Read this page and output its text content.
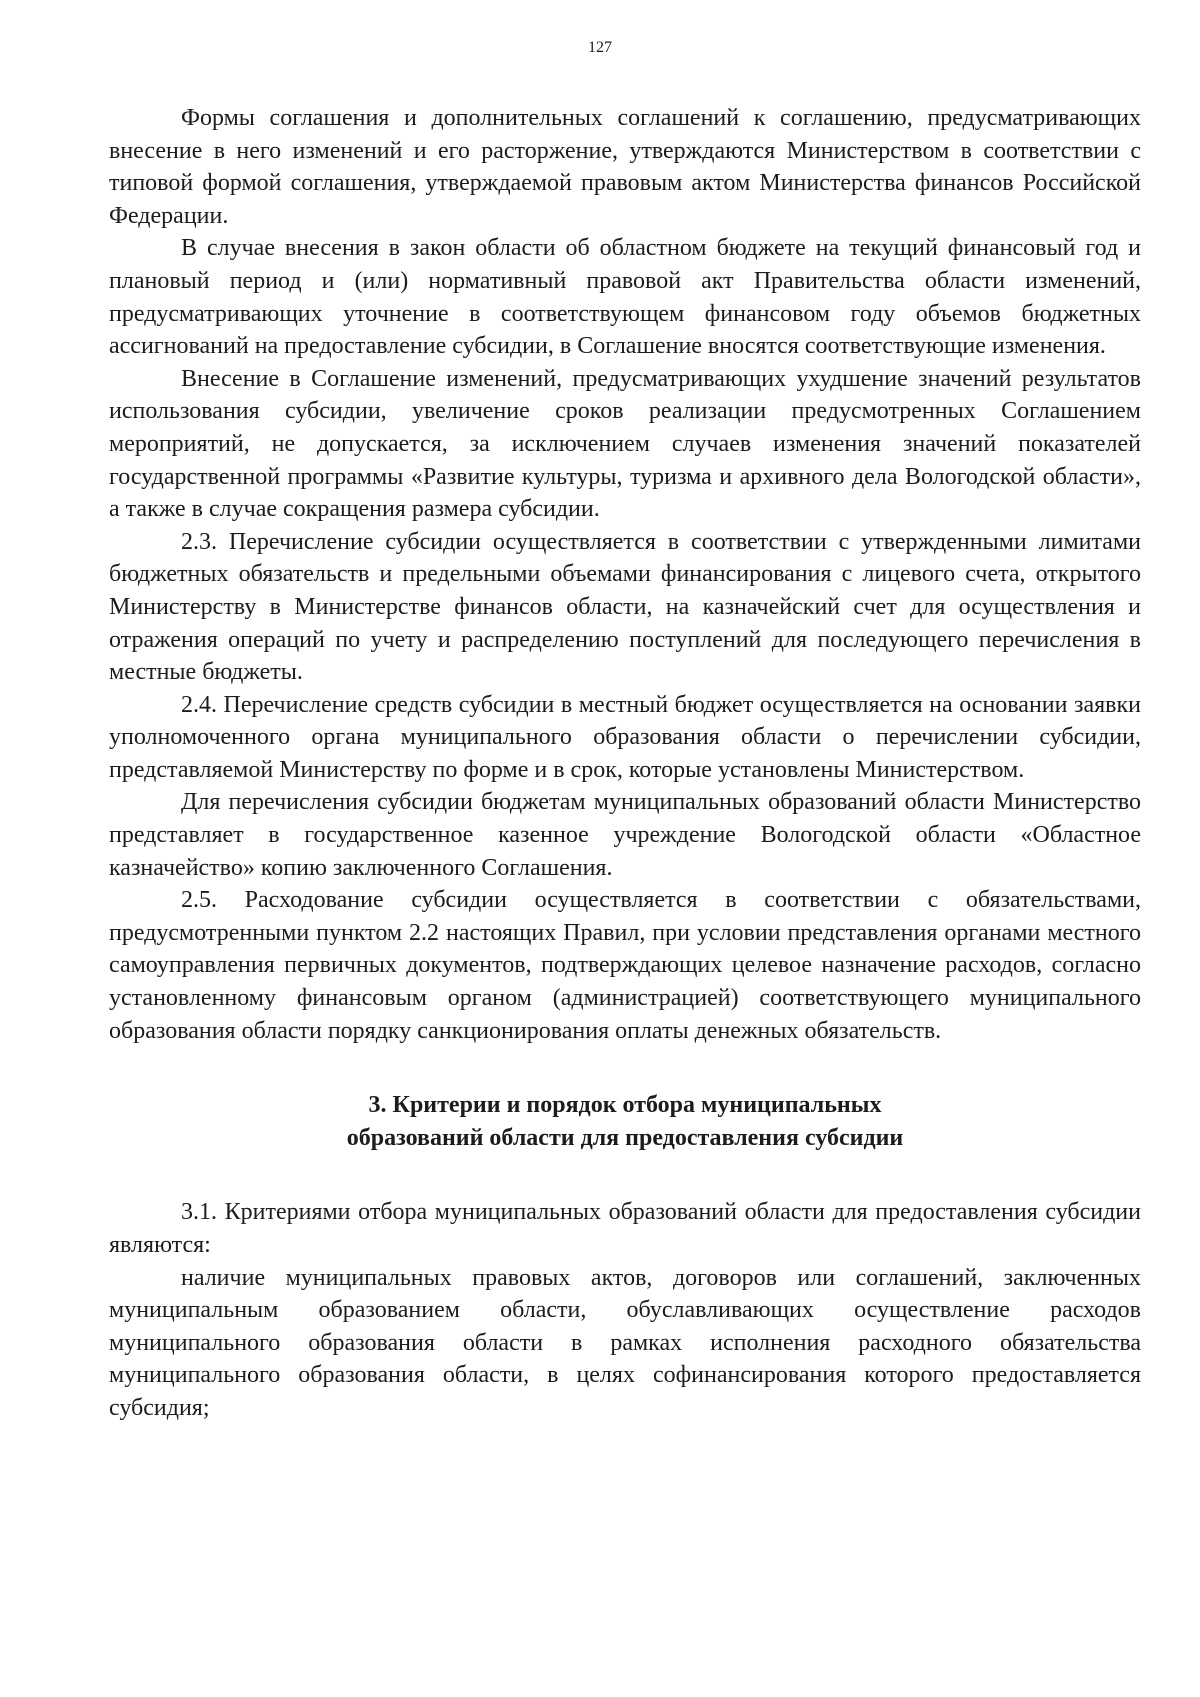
127

Формы соглашения и дополнительных соглашений к соглашению, предусматривающих внесение в него изменений и его расторжение, утверждаются Министерством в соответствии с типовой формой соглашения, утверждаемой правовым актом Министерства финансов Российской Федерации.

В случае внесения в закон области об областном бюджете на текущий финансовый год и плановый период и (или) нормативный правовой акт Правительства области изменений, предусматривающих уточнение в соответствующем финансовом году объемов бюджетных ассигнований на предоставление субсидии, в Соглашение вносятся соответствующие изменения.

Внесение в Соглашение изменений, предусматривающих ухудшение значений результатов использования субсидии, увеличение сроков реализации предусмотренных Соглашением мероприятий, не допускается, за исключением случаев изменения значений показателей государственной программы «Развитие культуры, туризма и архивного дела Вологодской области», а также в случае сокращения размера субсидии.

2.3. Перечисление субсидии осуществляется в соответствии с утвержденными лимитами бюджетных обязательств и предельными объемами финансирования с лицевого счета, открытого Министерству в Министерстве финансов области, на казначейский счет для осуществления и отражения операций по учету и распределению поступлений для последующего перечисления в местные бюджеты.

2.4. Перечисление средств субсидии в местный бюджет осуществляется на основании заявки уполномоченного органа муниципального образования области о перечислении субсидии, представляемой Министерству по форме и в срок, которые установлены Министерством.

Для перечисления субсидии бюджетам муниципальных образований области Министерство представляет в государственное казенное учреждение Вологодской области «Областное казначейство» копию заключенного Соглашения.

2.5. Расходование субсидии осуществляется в соответствии с обязательствами, предусмотренными пунктом 2.2 настоящих Правил, при условии представления органами местного самоуправления первичных документов, подтверждающих целевое назначение расходов, согласно установленному финансовым органом (администрацией) соответствующего муниципального образования области порядку санкционирования оплаты денежных обязательств.

3. Критерии и порядок отбора муниципальных
образований области для предоставления субсидии

3.1. Критериями отбора муниципальных образований области для предоставления субсидии являются:

наличие муниципальных правовых актов, договоров или соглашений, заключенных муниципальным образованием области, обуславливающих осуществление расходов муниципального образования области в рамках исполнения расходного обязательства муниципального образования области, в целях софинансирования которого предоставляется субсидия;
